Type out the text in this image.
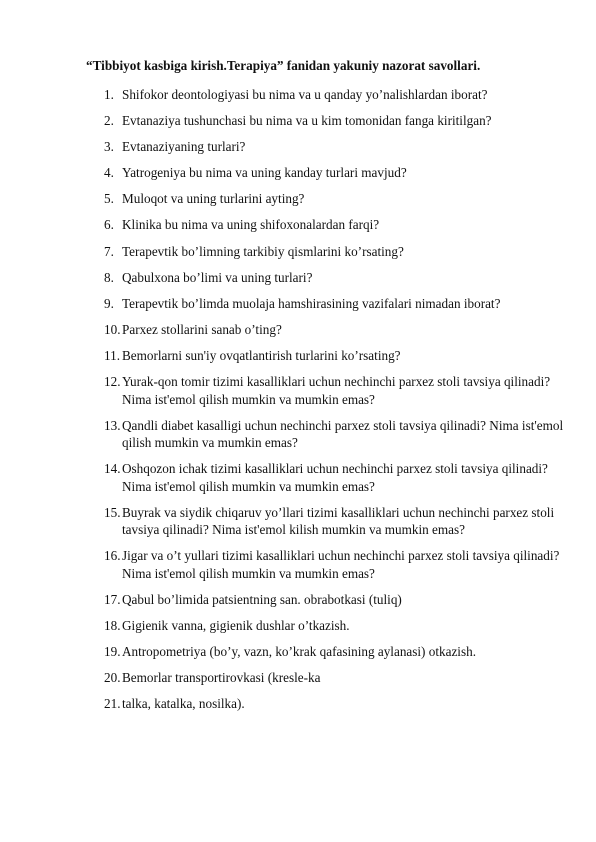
“Tibbiyot kasbiga kirish.Terapiya” fanidan yakuniy nazorat savollari.
1. Shifokor deontologiyasi bu nima va u qanday yo’nalishlardan iborat?
2. Evtanaziya tushunchasi bu nima va u kim tomonidan fanga kiritilgan?
3. Evtanaziyaning turlari?
4. Yatrogeniya bu nima va uning kanday turlari mavjud?
5. Muloqot va uning turlarini ayting?
6. Klinika bu nima va uning shifoxonalardan farqi?
7. Terapevtik bo’limning tarkibiy qismlarini ko’rsating?
8. Qabulxona bo’limi va uning turlari?
9. Terapevtik bo’limda muolaja hamshirasining vazifalari nimadan iborat?
10. Parxez stollarini sanab o’ting?
11. Bemorlarni sun'iy ovqatlantirish turlarini ko’rsating?
12. Yurak-qon tomir tizimi kasalliklari uchun nechinchi parxez stoli tavsiya qilinadi? Nima ist'emol qilish mumkin va mumkin emas?
13. Qandli diabet kasalligi uchun nechinchi parxez stoli tavsiya qilinadi? Nima ist'emol qilish mumkin va mumkin emas?
14. Oshqozon ichak tizimi kasalliklari uchun nechinchi parxez stoli tavsiya qilinadi? Nima ist'emol qilish mumkin va mumkin emas?
15. Buyrak va siydik chiqaruv yo’llari tizimi kasalliklari uchun nechinchi parxez stoli tavsiya qilinadi? Nima ist'emol kilish mumkin va mumkin emas?
16. Jigar va o’t yullari tizimi kasalliklari uchun nechinchi parxez stoli tavsiya qilinadi? Nima ist'emol qilish mumkin va mumkin emas?
17. Qabul bo’limida patsientning san. obrabotkasi (tuliq)
18. Gigienik vanna, gigienik dushlar o’tkazish.
19. Antropometriya (bo’y, vazn, ko’krak qafasining aylanasi) otkazish.
20. Bemorlar transportirovkasi (kresle-ka
21. talka, katalka, nosilka).
